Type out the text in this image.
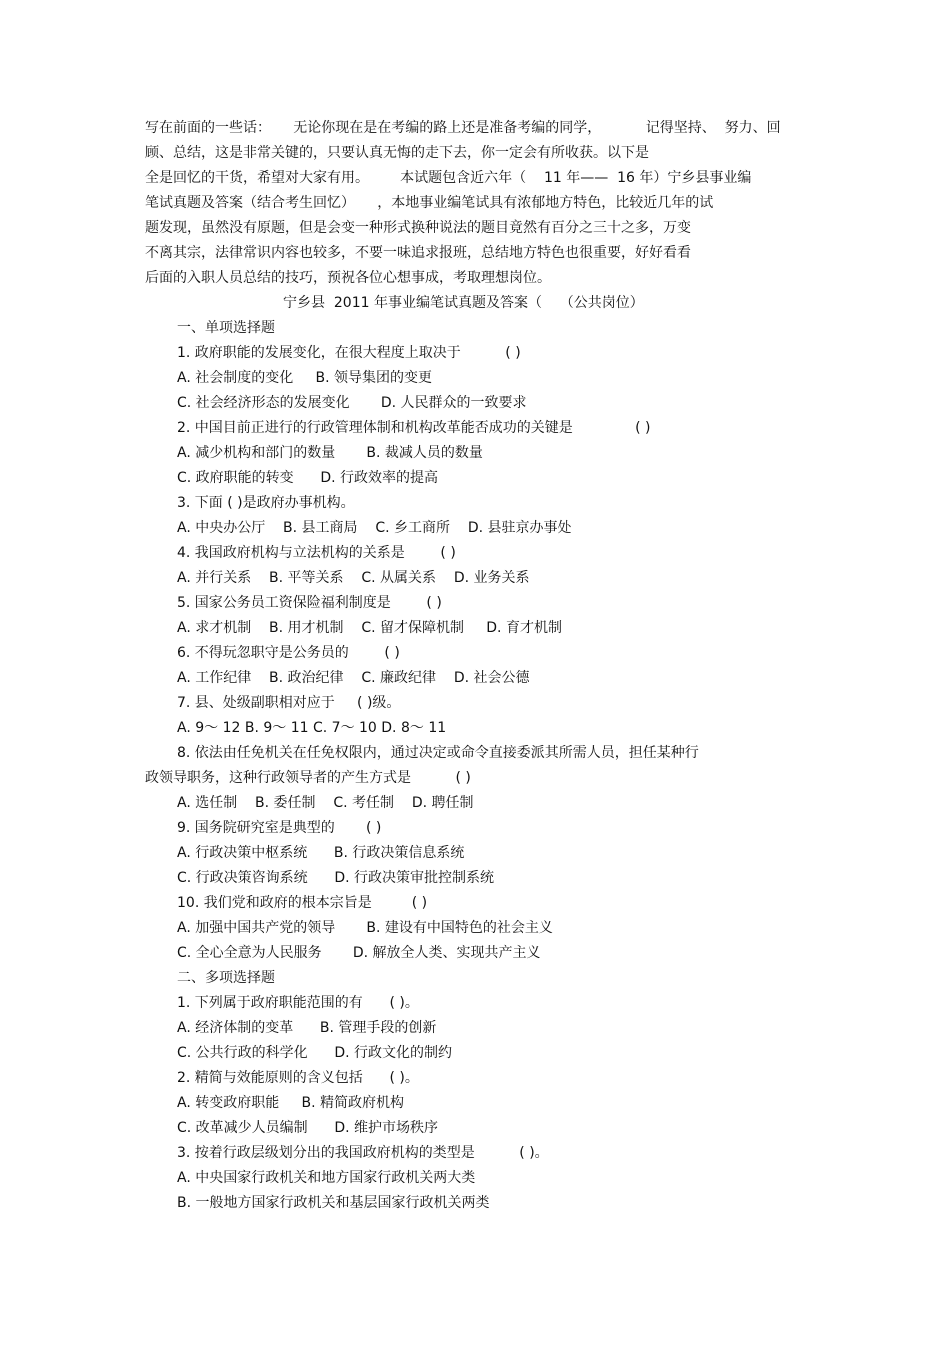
写在前面的一些话：     无论你现在是在考编的路上还是准备考编的同学，          记得坚持、  努力、回
顾、总结，这是非常关键的，只要认真无悔的走下去，你一定会有所收获。以下是
全是回忆的干货，希望对大家有用。       本试题包含近六年（    11 年——  16 年）宁乡县事业编
笔试真题及答案（结合考生回忆）     ，本地事业编笔试具有浓郁地方特色，比较近几年的试
题发现，虽然没有原题，但是会变一种形式换种说法的题目竟然有百分之三十之多，万变
不离其宗，法律常识内容也较多，不要一味追求报班，总结地方特色也很重要，好好看看
后面的入职人员总结的技巧，预祝各位心想事成，考取理想岗位。
宁乡县  2011 年事业编笔试真题及答案（    （公共岗位）
一、单项选择题
1. 政府职能的发展变化，在很大程度上取决于          ( )
A. 社会制度的变化     B. 领导集团的变更
C. 社会经济形态的发展变化       D. 人民群众的一致要求
2. 中国目前正进行的行政管理体制和机构改革能否成功的关键是              ( )
A. 减少机构和部门的数量       B. 裁减人员的数量
C. 政府职能的转变      D. 行政效率的提高
3. 下面 ( )是政府办事机构。
A. 中央办公厅    B. 县工商局    C. 乡工商所    D. 县驻京办事处
4. 我国政府机构与立法机构的关系是        ( )
A. 并行关系    B. 平等关系    C. 从属关系    D. 业务关系
5. 国家公务员工资保险福利制度是        ( )
A. 求才机制    B. 用才机制    C. 留才保障机制     D. 育才机制
6. 不得玩忽职守是公务员的        ( )
A. 工作纪律    B. 政治纪律    C. 廉政纪律    D. 社会公德
7. 县、处级副职相对应于     ( )级。
A. 9～ 12 B. 9～ 11 C. 7～ 10 D. 8～ 11
8. 依法由任免机关在任免权限内，通过决定或命令直接委派其所需人员，担任某种行
政领导职务，这种行政领导者的产生方式是          ( )
A. 选任制    B. 委任制    C. 考任制    D. 聘任制
9. 国务院研究室是典型的       ( )
A. 行政决策中枢系统      B. 行政决策信息系统
C. 行政决策咨询系统      D. 行政决策审批控制系统
10. 我们党和政府的根本宗旨是         ( )
A. 加强中国共产党的领导       B. 建设有中国特色的社会主义
C. 全心全意为人民服务       D. 解放全人类、实现共产主义
二、多项选择题
1. 下列属于政府职能范围的有      ( )。
A. 经济体制的变革      B. 管理手段的创新
C. 公共行政的科学化      D. 行政文化的制约
2. 精简与效能原则的含义包括      ( )。
A. 转变政府职能     B. 精简政府机构
C. 改革减少人员编制      D. 维护市场秩序
3. 按着行政层级划分出的我国政府机构的类型是          ( )。
A. 中央国家行政机关和地方国家行政机关两大类
B. 一般地方国家行政机关和基层国家行政机关两类
